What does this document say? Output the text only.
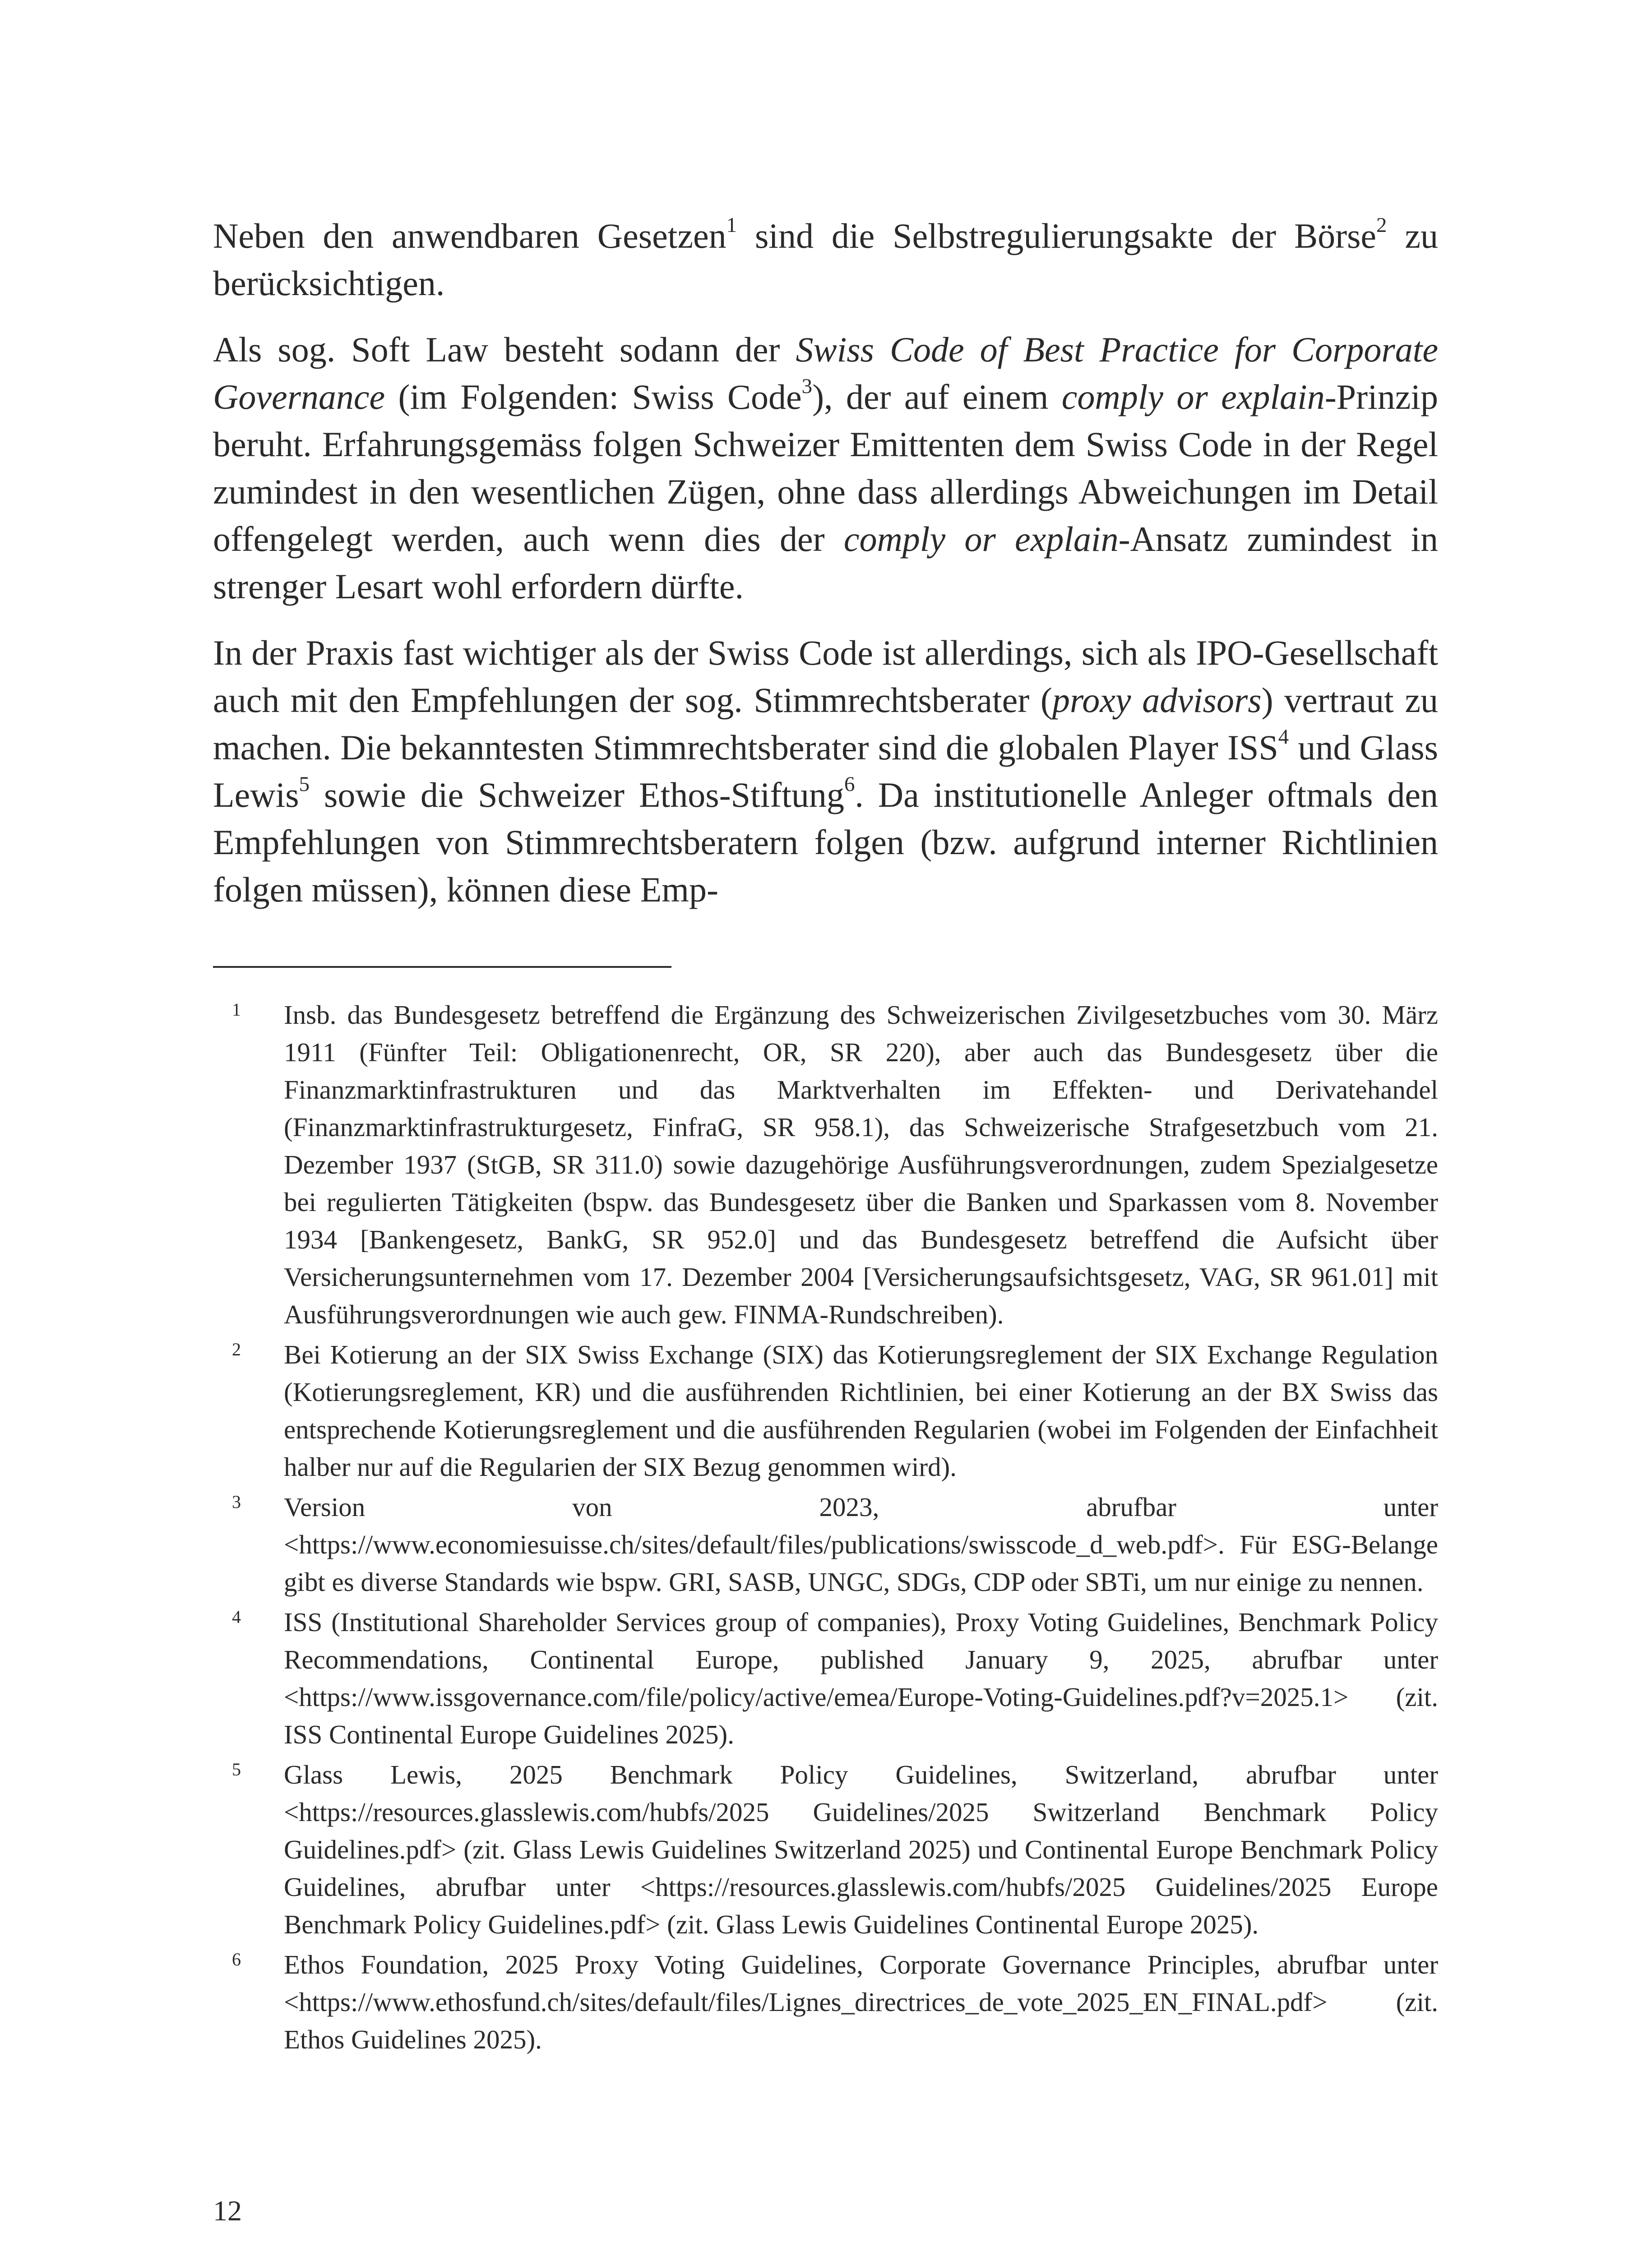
Neben den anwendbaren Gesetzen$^1$ sind die Selbstregulierungsakte der Börse$^2$ zu berücksichtigen.

Als sog. Soft Law besteht sodann der Swiss Code of Best Practice for Corporate Governance (im Folgenden: Swiss Code$^3$), der auf einem comply or explain-Prinzip beruht. Erfahrungsgemäss folgen Schweizer Emittenten dem Swiss Code in der Regel zumindest in den wesentlichen Zügen, ohne dass allerdings Abweichungen im Detail offengelegt werden, auch wenn dies der comply or explain-Ansatz zumindest in strenger Lesart wohl erfordern dürfte.

In der Praxis fast wichtiger als der Swiss Code ist allerdings, sich als IPO-Gesellschaft auch mit den Empfehlungen der sog. Stimmrechtsberater (proxy advisors) vertraut zu machen. Die bekanntesten Stimmrechtsberater sind die globalen Player ISS$^4$ und Glass Lewis$^5$ sowie die Schweizer Ethos-Stiftung$^6$. Da institutionelle Anleger oftmals den Empfehlungen von Stimmrechtsberatern folgen (bzw. aufgrund interner Richtlinien folgen müssen), können diese Emp-

1	Insb. das Bundesgesetz betreffend die Ergänzung des Schweizerischen Zivilgesetzbuches vom 30. März 1911 (Fünfter Teil: Obligationenrecht, OR, SR 220), aber auch das Bundesgesetz über die Finanzmarktinfrastrukturen und das Marktverhalten im Effekten- und Derivatehandel (Finanzmarktinfrastrukturgesetz, FinfraG, SR 958.1), das Schweizerische Strafgesetzbuch vom 21. Dezember 1937 (StGB, SR 311.0) sowie dazugehörige Ausführungsverordnungen, zudem Spezialgesetze bei regulierten Tätigkeiten (bspw. das Bundesgesetz über die Banken und Sparkassen vom 8. November 1934 [Bankengesetz, BankG, SR 952.0] und das Bundesgesetz betreffend die Aufsicht über Versicherungsunternehmen vom 17. Dezember 2004 [Versicherungsaufsichtsgesetz, VAG, SR 961.01] mit Ausführungsverordnungen wie auch gew. FINMA-Rundschreiben).
2	Bei Kotierung an der SIX Swiss Exchange (SIX) das Kotierungsreglement der SIX Exchange Regulation (Kotierungsreglement, KR) und die ausführenden Richtlinien, bei einer Kotierung an der BX Swiss das entsprechende Kotierungsreglement und die ausführenden Regularien (wobei im Folgenden der Einfachheit halber nur auf die Regularien der SIX Bezug genommen wird).
3	Version von 2023, abrufbar unter <https://www.economiesuisse.ch/sites/default/files/publications/swisscode_d_web.pdf>. Für ESG-Belange gibt es diverse Standards wie bspw. GRI, SASB, UNGC, SDGs, CDP oder SBTi, um nur einige zu nennen.
4	ISS (Institutional Shareholder Services group of companies), Proxy Voting Guidelines, Benchmark Policy Recommendations, Continental Europe, published January 9, 2025, abrufbar unter <https://www.issgovernance.com/file/policy/active/emea/Europe-Voting-Guidelines.pdf?v=2025.1> (zit. ISS Continental Europe Guidelines 2025).
5	Glass Lewis, 2025 Benchmark Policy Guidelines, Switzerland, abrufbar unter <https://resources.glasslewis.com/hubfs/2025 Guidelines/2025 Switzerland Benchmark Policy Guidelines.pdf> (zit. Glass Lewis Guidelines Switzerland 2025) und Continental Europe Benchmark Policy Guidelines, abrufbar unter <https://resources.glasslewis.com/hubfs/2025 Guidelines/2025 Europe Benchmark Policy Guidelines.pdf> (zit. Glass Lewis Guidelines Continental Europe 2025).
6	Ethos Foundation, 2025 Proxy Voting Guidelines, Corporate Governance Principles, abrufbar unter <https://www.ethosfund.ch/sites/default/files/Lignes_directrices_de_vote_2025_EN_FINAL.pdf> (zit. Ethos Guidelines 2025).
12
